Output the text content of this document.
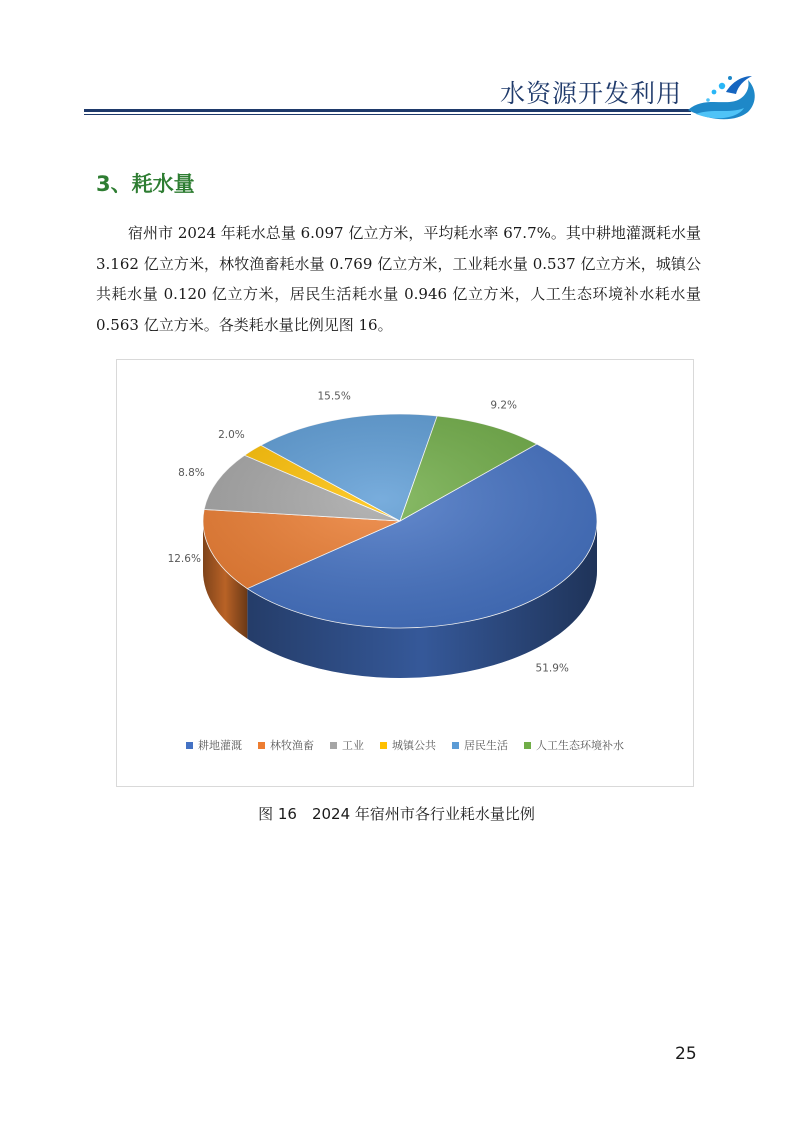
水资源开发利用
3、耗水量

宿州市 2024 年耗水总量 6.097 亿立方米，平均耗水率 67.7%。其中耕地灌溉耗水量 3.162 亿立方米，林牧渔畜耗水量 0.769 亿立方米，工业耗水量 0.537 亿立方米，城镇公共耗水量 0.120 亿立方米，居民生活耗水量 0.946 亿立方米，人工生态环境补水耗水量 0.563 亿立方米。各类耗水量比例见图 16。

51.9%
12.6%
8.8%
2.0%
15.5%
9.2%
耕地灌溉	林牧渔畜	工业	城镇公共	居民生活	人工生态环境补水
图 16　2024 年宿州市各行业耗水量比例
25
